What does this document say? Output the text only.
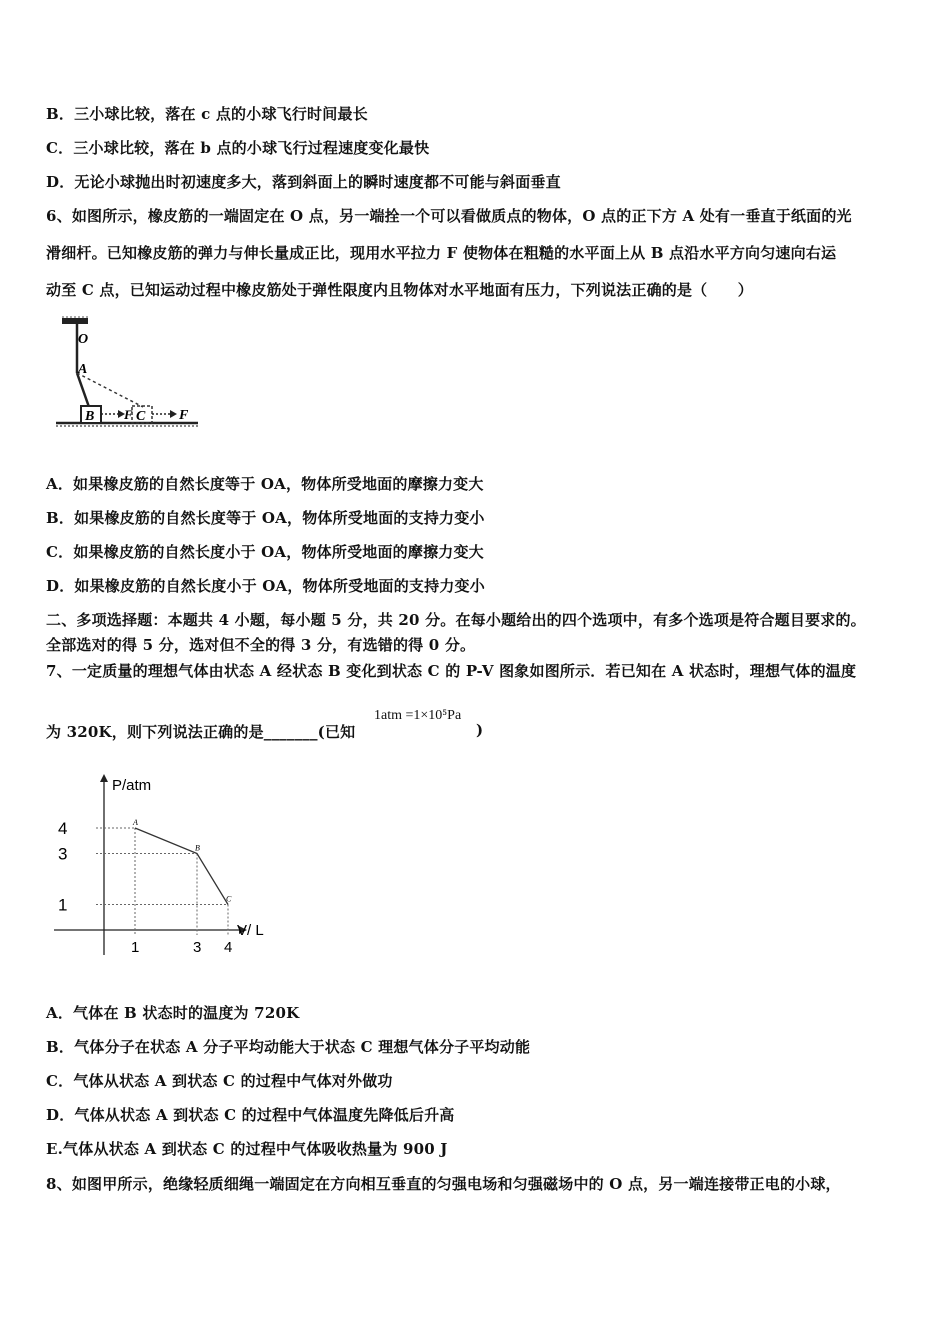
B．三小球比较，落在 c 点的小球飞行时间最长
C．三小球比较，落在 b 点的小球飞行过程速度变化最快
D．无论小球抛出时初速度多大，落到斜面上的瞬时速度都不可能与斜面垂直
6、如图所示，橡皮筋的一端固定在 O 点，另一端拴一个可以看做质点的物体，O 点的正下方 A 处有一垂直于纸面的光
滑细杆。已知橡皮筋的弹力与伸长量成正比，现用水平拉力 F 使物体在粗糙的水平面上从 B 点沿水平方向匀速向右运
动至 C 点，已知运动过程中橡皮筋处于弹性限度内且物体对水平地面有压力，下列说法正确的是（　　）
O
A
B	C
F	F
A．如果橡皮筋的自然长度等于 OA，物体所受地面的摩擦力变大
B．如果橡皮筋的自然长度等于 OA，物体所受地面的支持力变小
C．如果橡皮筋的自然长度小于 OA，物体所受地面的摩擦力变大
D．如果橡皮筋的自然长度小于 OA，物体所受地面的支持力变小
二、多项选择题：本题共 4 小题，每小题 5 分，共 20 分。在每小题给出的四个选项中，有多个选项是符合题目要求的。
全部选对的得 5 分，选对但不全的得 3 分，有选错的得 0 分。
7、一定质量的理想气体由状态 A 经状态 B 变化到状态 C 的 P-V 图象如图所示．若已知在 A 状态时，理想气体的温度
为 320K，则下列说法正确的是_______(已知
1atm =1×10⁵Pa
)
P/atm
V/ L
A
B
C
1	3 4
4
3
1
A．气体在 B 状态时的温度为 720K
B．气体分子在状态 A 分子平均动能大于状态 C 理想气体分子平均动能
C．气体从状态 A 到状态 C 的过程中气体对外做功
D．气体从状态 A 到状态 C 的过程中气体温度先降低后升高
E.气体从状态 A 到状态 C 的过程中气体吸收热量为 900 J
8、如图甲所示，绝缘轻质细绳一端固定在方向相互垂直的匀强电场和匀强磁场中的 O 点，另一端连接带正电的小球，
